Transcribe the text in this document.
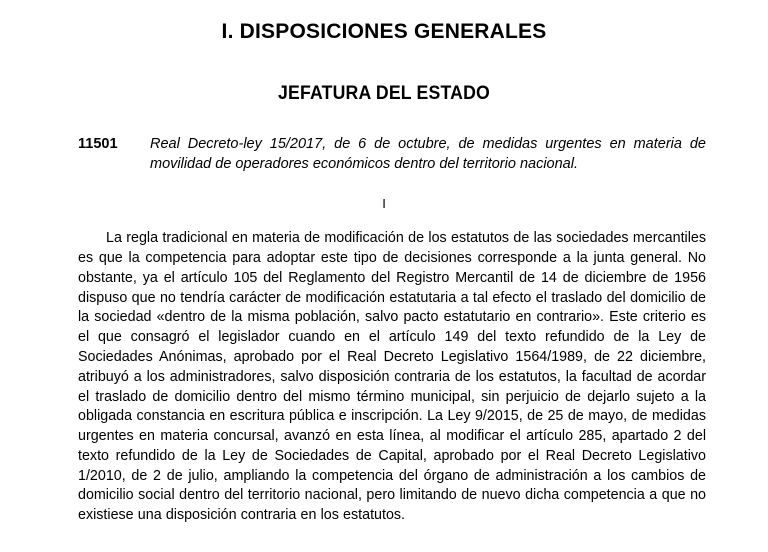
I. DISPOSICIONES GENERALES
JEFATURA DEL ESTADO
11501	Real Decreto-ley 15/2017, de 6 de octubre, de medidas urgentes en materia de movilidad de operadores económicos dentro del territorio nacional.
I

La regla tradicional en materia de modificación de los estatutos de las sociedades mercantiles es que la competencia para adoptar este tipo de decisiones corresponde a la junta general. No obstante, ya el artículo 105 del Reglamento del Registro Mercantil de 14 de diciembre de 1956 dispuso que no tendría carácter de modificación estatutaria a tal efecto el traslado del domicilio de la sociedad «dentro de la misma población, salvo pacto estatutario en contrario». Este criterio es el que consagró el legislador cuando en el artículo 149 del texto refundido de la Ley de Sociedades Anónimas, aprobado por el Real Decreto Legislativo 1564/1989, de 22 diciembre, atribuyó a los administradores, salvo disposición contraria de los estatutos, la facultad de acordar el traslado de domicilio dentro del mismo término municipal, sin perjuicio de dejarlo sujeto a la obligada constancia en escritura pública e inscripción. La Ley 9/2015, de 25 de mayo, de medidas urgentes en materia concursal, avanzó en esta línea, al modificar el artículo 285, apartado 2 del texto refundido de la Ley de Sociedades de Capital, aprobado por el Real Decreto Legislativo 1/2010, de 2 de julio, ampliando la competencia del órgano de administración a los cambios de domicilio social dentro del territorio nacional, pero limitando de nuevo dicha competencia a que no existiese una disposición contraria en los estatutos.
